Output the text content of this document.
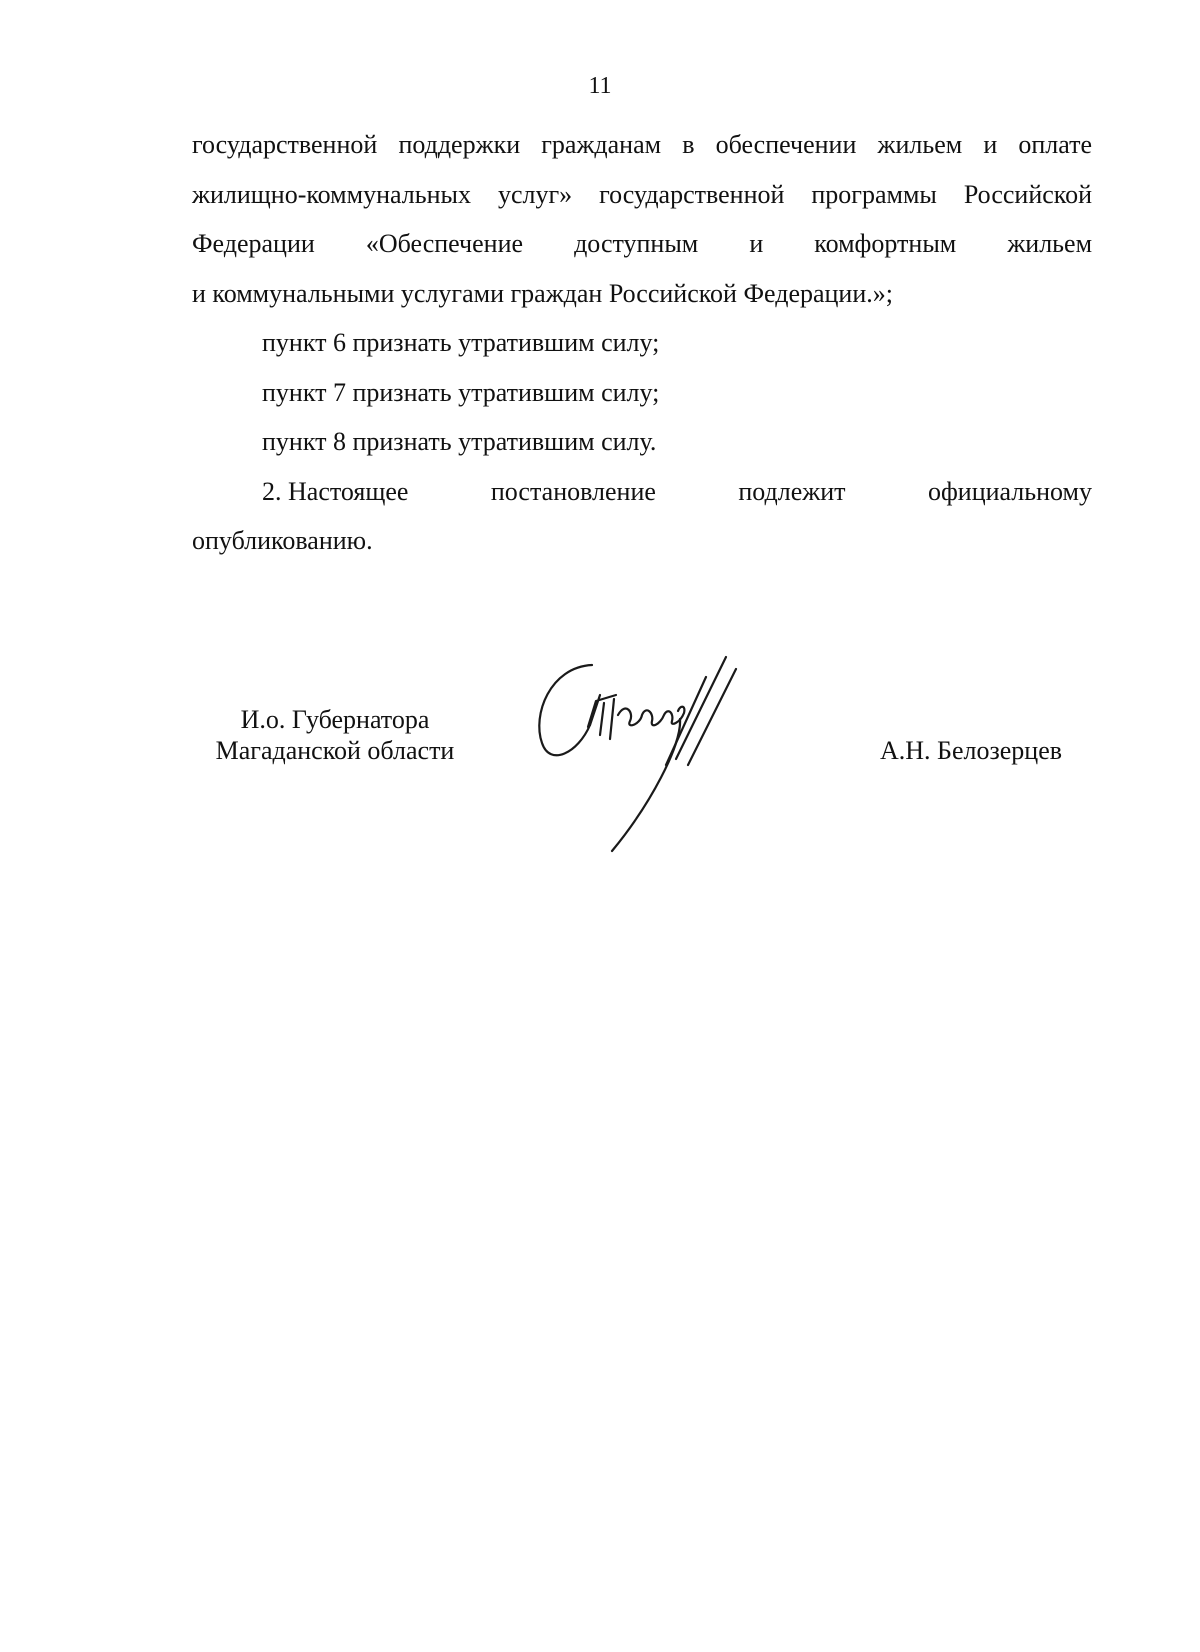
11
государственной поддержки гражданам в обеспечении жильем и оплате
жилищно-коммунальных услуг» государственной программы Российской
Федерации «Обеспечение доступным и комфортным жильем
и коммунальными услугами граждан Российской Федерации.»;
пункт 6 признать утратившим силу;
пункт 7 признать утратившим силу;
пункт 8 признать утратившим силу.
2. Настоящее	постановление	подлежит	официальному
опубликованию.
И.о. Губернатора
Магаданской области	А.Н. Белозерцев
